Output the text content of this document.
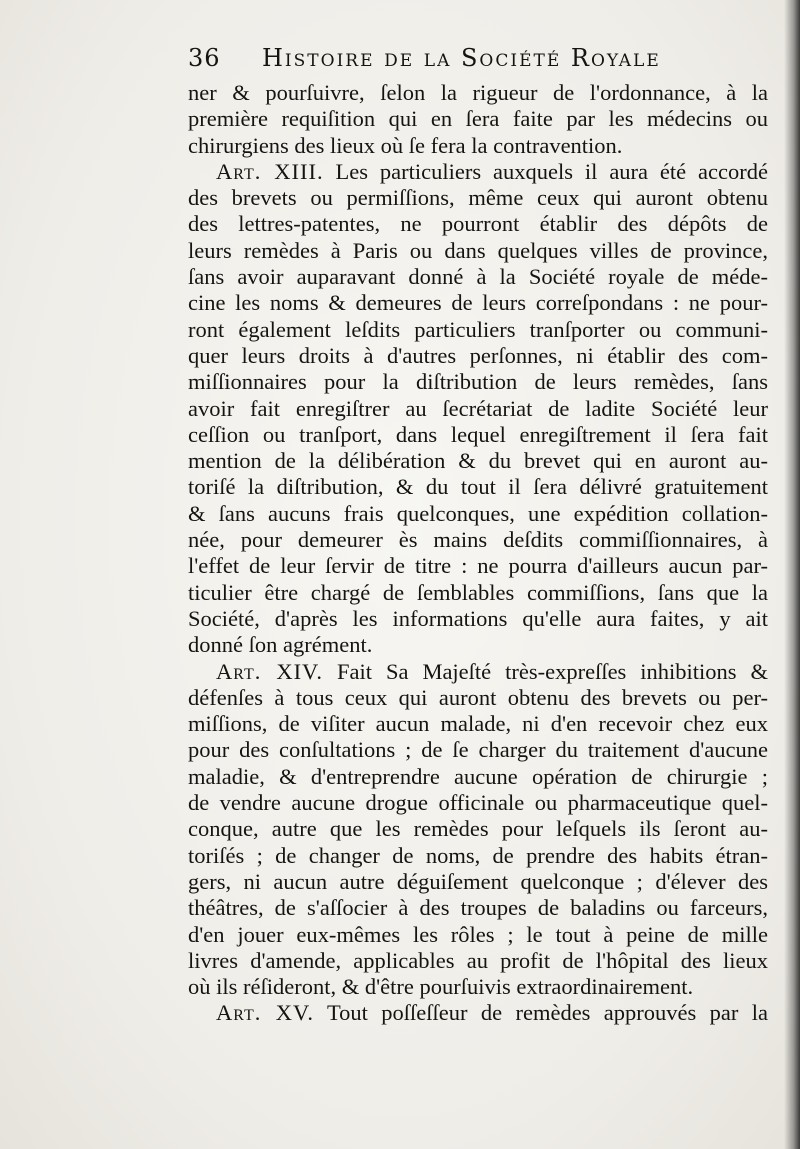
36 Histoire de la Société Royale
ner & pourſuivre, ſelon la rigueur de l'ordonnance, à la
première requiſition qui en ſera faite par les médecins ou
chirurgiens des lieux où ſe fera la contravention.
Art. XIII. Les particuliers auxquels il aura été accordé
des brevets ou permiſſions, même ceux qui auront obtenu
des lettres-patentes, ne pourront établir des dépôts de
leurs remèdes à Paris ou dans quelques villes de province,
ſans avoir auparavant donné à la Société royale de méde-
cine les noms & demeures de leurs correſpondans : ne pour-
ront également leſdits particuliers tranſporter ou communi-
quer leurs droits à d'autres perſonnes, ni établir des com-
miſſionnaires pour la diſtribution de leurs remèdes, ſans
avoir fait enregiſtrer au ſecrétariat de ladite Société leur
ceſſion ou tranſport, dans lequel enregiſtrement il ſera fait
mention de la délibération & du brevet qui en auront au-
toriſé la diſtribution, & du tout il ſera délivré gratuitement
& ſans aucuns frais quelconques, une expédition collation-
née, pour demeurer ès mains deſdits commiſſionnaires, à
l'effet de leur ſervir de titre : ne pourra d'ailleurs aucun par-
ticulier être chargé de ſemblables commiſſions, ſans que la
Société, d'après les informations qu'elle aura faites, y ait
donné ſon agrément.
Art. XIV. Fait Sa Majeſté très-expreſſes inhibitions &
défenſes à tous ceux qui auront obtenu des brevets ou per-
miſſions, de viſiter aucun malade, ni d'en recevoir chez eux
pour des conſultations ; de ſe charger du traitement d'aucune
maladie, & d'entreprendre aucune opération de chirurgie ;
de vendre aucune drogue officinale ou pharmaceutique quel-
conque, autre que les remèdes pour leſquels ils ſeront au-
toriſés ; de changer de noms, de prendre des habits étran-
gers, ni aucun autre déguiſement quelconque ; d'élever des
théâtres, de s'aſſocier à des troupes de baladins ou farceurs,
d'en jouer eux-mêmes les rôles ; le tout à peine de mille
livres d'amende, applicables au profit de l'hôpital des lieux
où ils réſideront, & d'être pourſuivis extraordinairement.
Art. XV. Tout poſſeſſeur de remèdes approuvés par la
